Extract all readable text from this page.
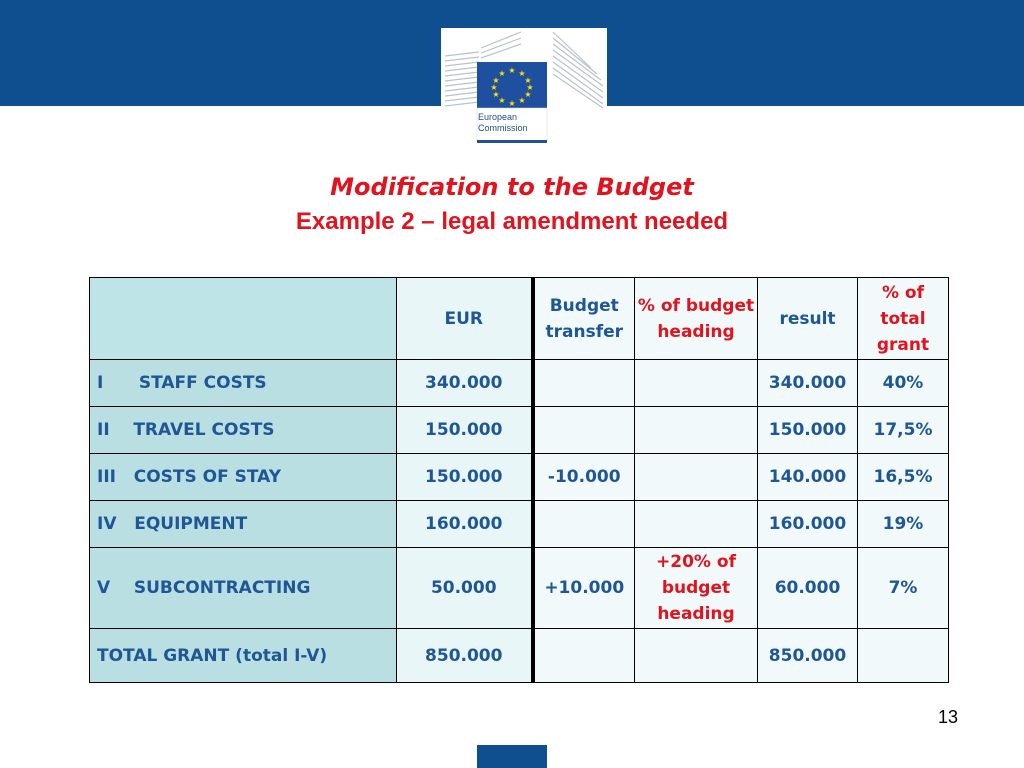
★ ★
★
★
★
★
★
★
★
★
★
★
European
Commission
Modification to the Budget
Example 2 – legal amendment needed
	EUR	Budget transfer	% of budget heading	result	% of total grant
I      STAFF COSTS	340.000			340.000	40%
II    TRAVEL COSTS	150.000			150.000	17,5%
III   COSTS OF STAY	150.000	-10.000		140.000	16,5%
IV   EQUIPMENT	160.000			160.000	19%
V    SUBCONTRACTING	50.000	+10.000	+20% of budget heading	60.000	7%
TOTAL GRANT (total I-V)	850.000			850.000	
13
